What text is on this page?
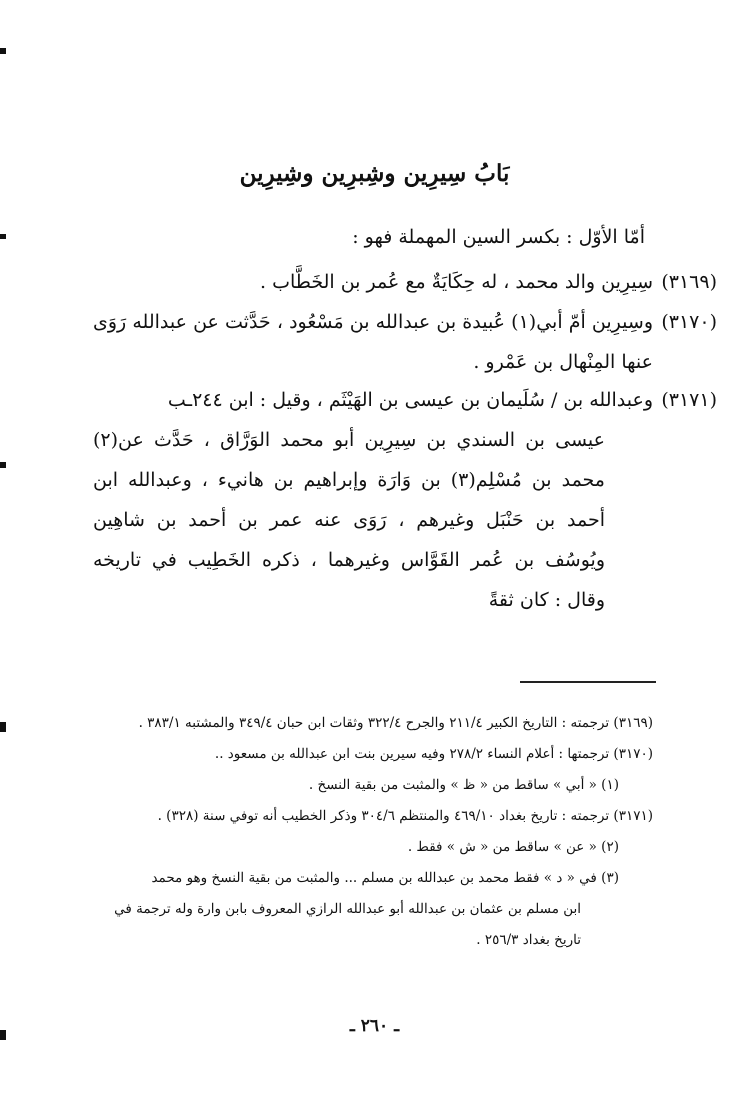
بَابُ سِيرِين وشِبرِين وشِيرِين
أمّا الأوّل : بكسر السين المهملة فهو :
(٣١٦٩)
سِيرِين والد محمد ، له حِكَايَةٌ مع عُمر بن الخَطَّاب .
(٣١٧٠)
وسِيرِين أمّ أبي(١) عُبيدة بن عبدالله بن مَسْعُود ، حَدَّثت عن عبدالله رَوَى عنها المِنْهال بن عَمْرو .
(٣١٧١)
وعبدالله بن / سُلَيمان بن عيسى بن الهَيْثَم ، وقيل : ابن ٢٤٤ـب
عيسى بن السندي بن سِيرِين أبو محمد الوَرَّاق ، حَدَّث عن(٢) محمد بن مُسْلِم(٣) بن وَارَة وإبراهيم بن هانيء ، وعبدالله ابن أحمد بن حَنْبَل وغيرهم ، رَوَى عنه عمر بن أحمد بن شاهِين ويُوسُف بن عُمر القَوَّاس وغيرهما ، ذكره الخَطِيب في تاريخه وقال : كان ثقةً
(٣١٦٩) ترجمته : التاريخ الكبير ٢١١/٤ والجرح ٣٢٢/٤ وثقات ابن حبان ٣٤٩/٤ والمشتبه ٣٨٣/١ .
(٣١٧٠) ترجمتها : أعلام النساء ٢٧٨/٢ وفيه سيرين بنت ابن عبدالله بن مسعود ..
(١) « أبي » ساقط من « ظ » والمثبت من بقية النسخ .
(٣١٧١) ترجمته : تاريخ بغداد ٤٦٩/١٠ والمنتظم ٣٠٤/٦ وذكر الخطيب أنه توفي سنة (٣٢٨) .
(٢) « عن » ساقط من « ش » فقط .
(٣) في « د » فقط محمد بن عبدالله بن مسلم ... والمثبت من بقية النسخ وهو محمد
ابن مسلم بن عثمان بن عبدالله أبو عبدالله الرازي المعروف بابن وارة وله ترجمة في
تاريخ بغداد ٢٥٦/٣ .
ـ ٢٦٠ ـ
